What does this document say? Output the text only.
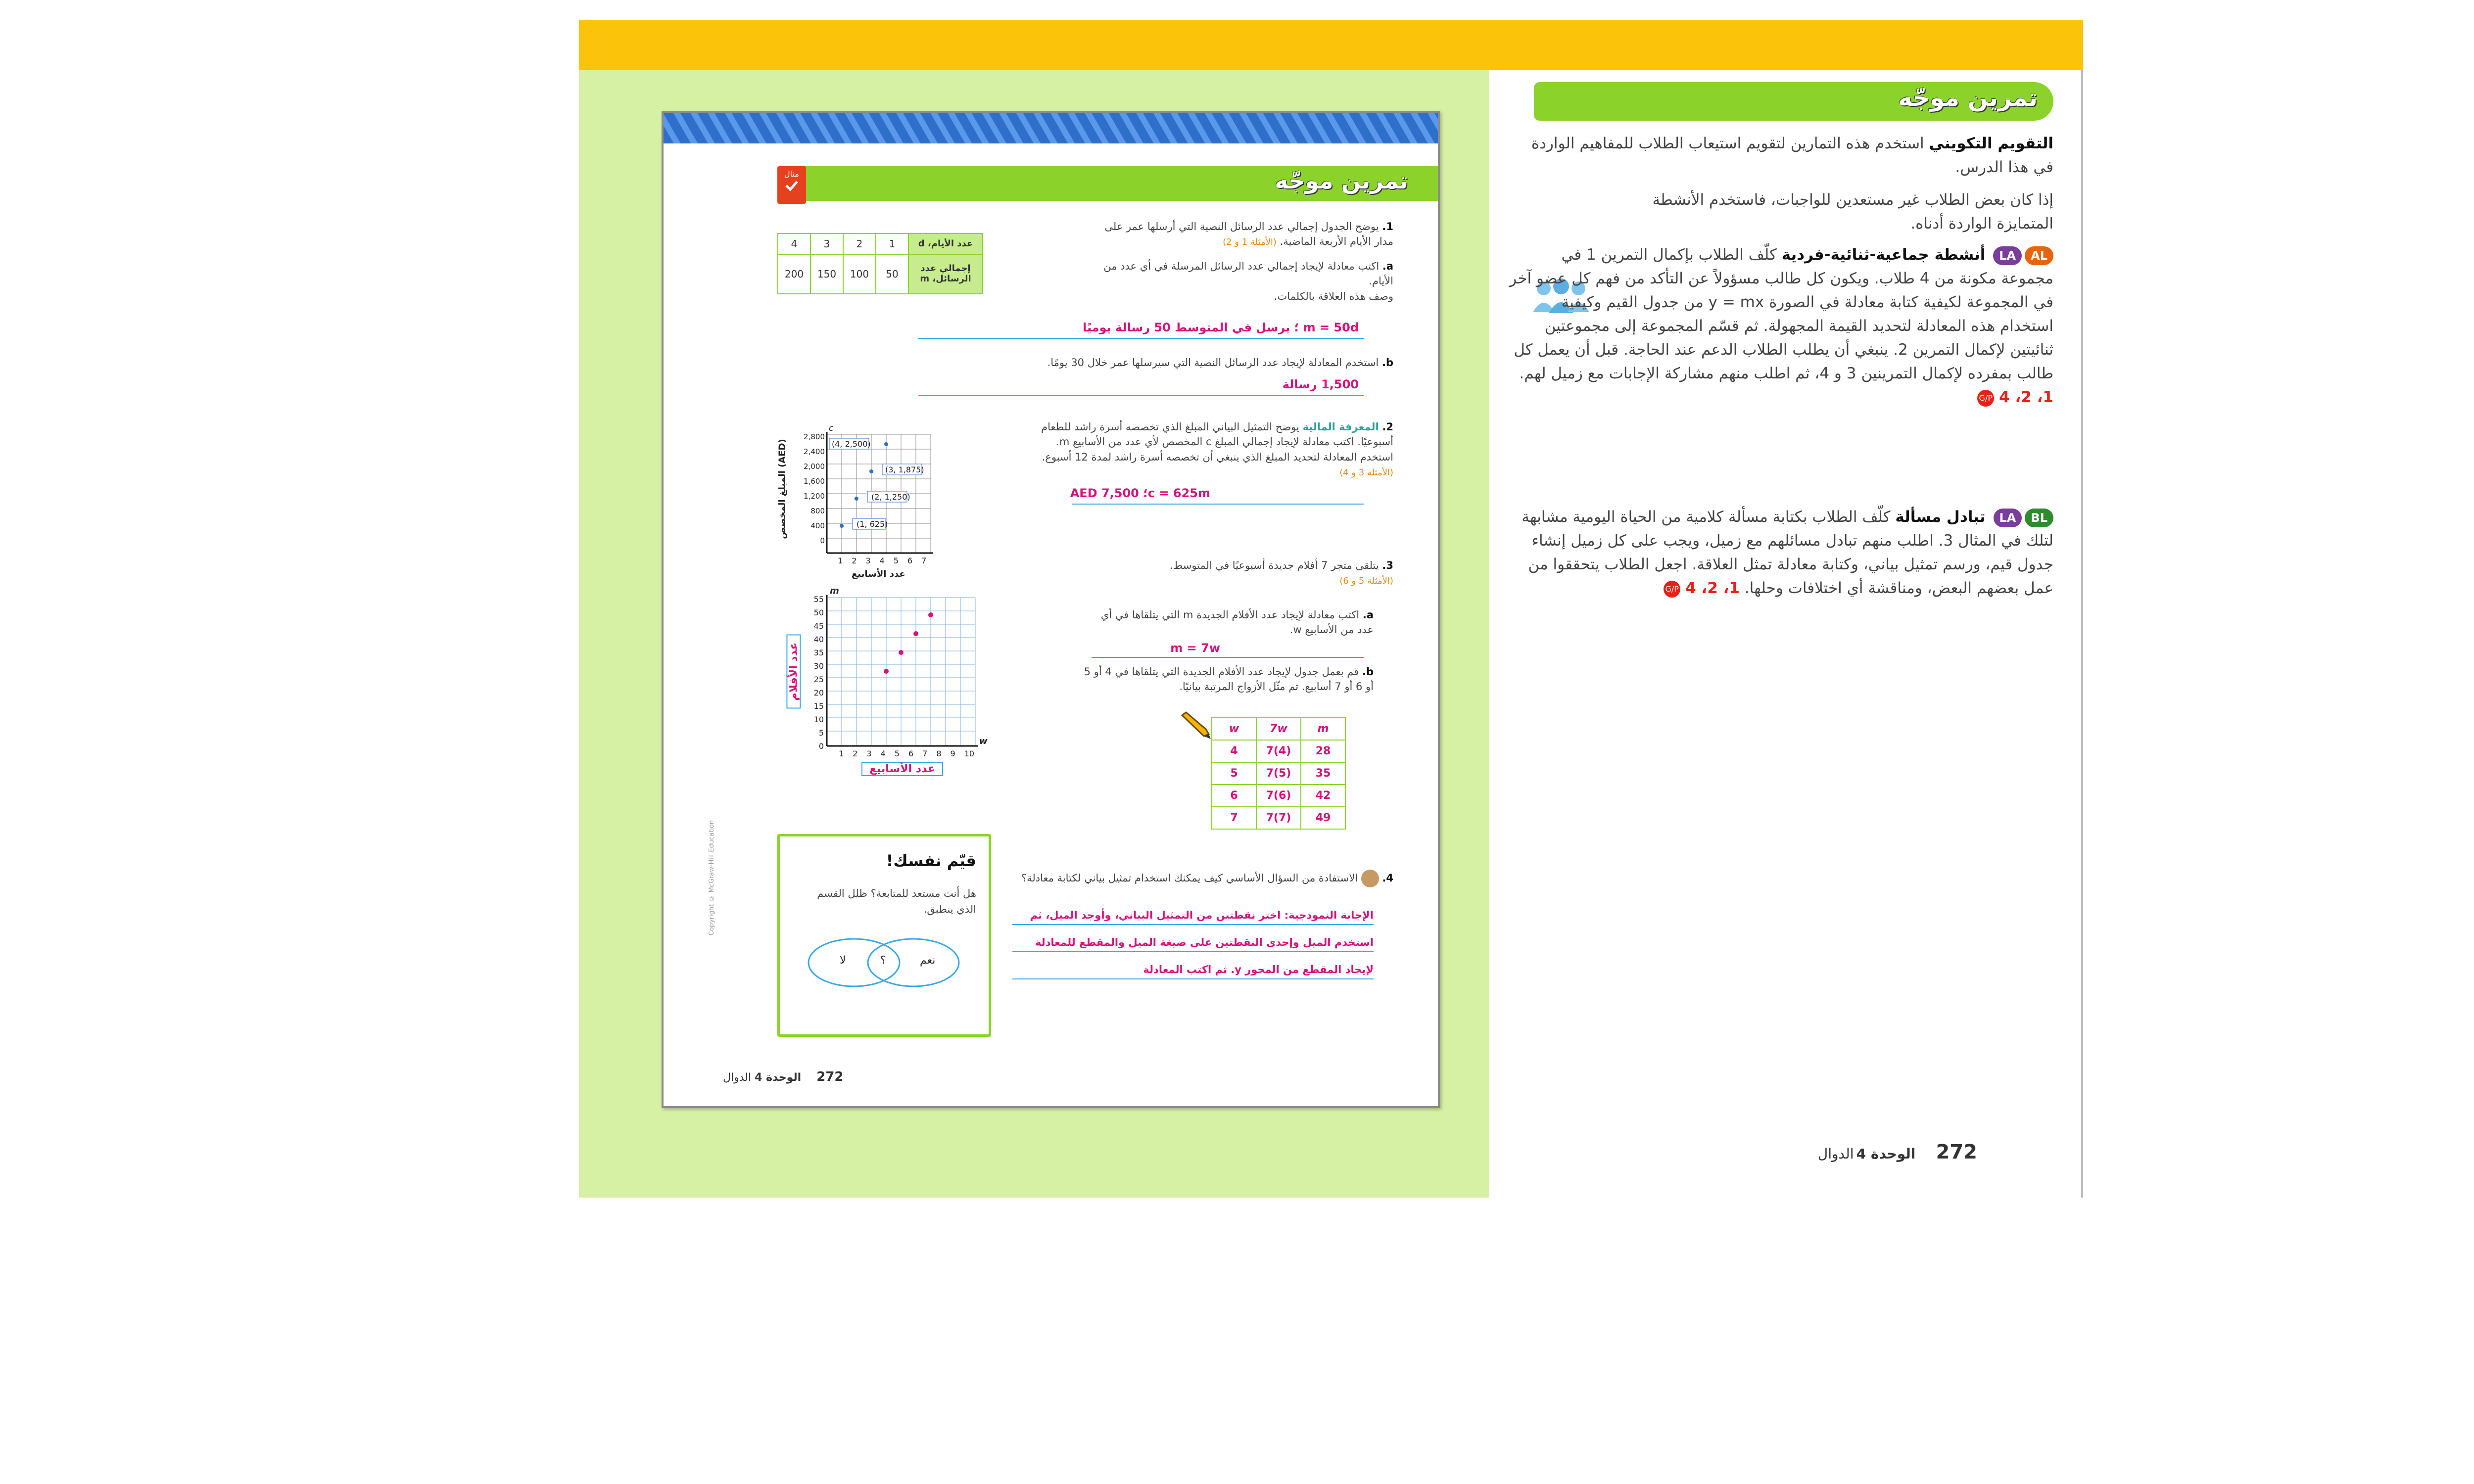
تمرين موجّه
مثال
1. يوضح الجدول إجمالي عدد الرسائل النصية التي أرسلها عمر على مدار الأيام الأربعة الماضية. (الأمثلة 1 و 2)
a. اكتب معادلة لإيجاد إجمالي عدد الرسائل المرسلة في أي عدد من الأيام.
وصف هذه العلاقة بالكلمات.
m = 50d ؛ يرسل في المتوسط 50 رسالة يوميًا
b. استخدم المعادلة لإيجاد عدد الرسائل النصية التي سيرسلها عمر خلال 30 يومًا.
1,500 رسالة
عدد الأيام، d	1	2	3	4
إجمالي عدد الرسائل، m	50	100	150	200
2. المعرفة المالية يوضح التمثيل البياني المبلغ الذي تخصصه أسرة راشد للطعام أسبوعيًا. اكتب معادلة لإيجاد إجمالي المبلغ c المخصص لأي عدد من الأسابيع m. استخدم المعادلة لتحديد المبلغ الذي ينبغي أن تخصصه أسرة راشد لمدة 12 أسبوع. (الأمثلة 3 و 4)
c = 625m؛ AED 7,500
(1, 625)
(2, 1,250)
(3, 1,875)
(4, 2,500)
c
2,800
2,400
2,000
1,600
1,200
800
400
0
1 2 3 4 5 6 7
عدد الأسابيع
المبلغ المخصص (AED)
3. يتلقى متجر 7 أفلام جديدة أسبوعيًا في المتوسط.
(الأمثلة 5 و 6)
a. اكتب معادلة لإيجاد عدد الأفلام الجديدة m التي يتلقاها في أي عدد من الأسابيع w.
m = 7w
b. قم بعمل جدول لإيجاد عدد الأفلام الجديدة التي يتلقاها في 4 أو 5 أو 6 أو 7 أسابيع. ثم مثّل الأزواج المرتبة بيانيًا.
w	7w	m
4	7(4)	28
5	7(5)	35
6	7(6)	42
7	7(7)	49
m
w
55
50
45
40
35
30
25
20
15
10
5
0
1 2 3 4 5 6 7 8 9 10
عدد الأسابيع
عدد الأفلام
4.  الاستفادة من السؤال الأساسي كيف يمكنك استخدام تمثيل بياني لكتابة معادلة؟
الإجابة النموذجية: اختر نقطتين من التمثيل البياني، وأوجد الميل، ثم
استخدم الميل وإحدى النقطتين على صيغة الميل والمقطع للمعادلة
لإيجاد المقطع من المحور y. ثم اكتب المعادلة
قيّم نفسك!
هل أنت مستعد للمتابعة؟ ظلل القسم الذي ينطبق.
نعم
؟
لا
Copyright © McGraw-Hill Education
272 الوحدة 4 الدوال
تمرين موجّه
التقويم التكويني استخدم هذه التمارين لتقويم استيعاب الطلاب للمفاهيم الواردة في هذا الدرس.
إذا كان بعض الطلاب غير مستعدين للواجبات، فاستخدم الأنشطة المتمايزة الواردة أدناه.
ALLA أنشطة جماعية-ثنائية-فردية كلّف الطلاب بإكمال التمرين 1 في مجموعة مكونة من 4 طلاب. ويكون كل طالب مسؤولاً عن التأكد من فهم كل عضو آخر في المجموعة لكيفية كتابة معادلة في الصورة y = mx من جدول القيم وكيفية استخدام هذه المعادلة لتحديد القيمة المجهولة. ثم قسّم المجموعة إلى مجموعتين ثنائيتين لإكمال التمرين 2. ينبغي أن يطلب الطلاب الدعم عند الحاجة. قبل أن يعمل كل طالب بمفرده لإكمال التمرينين 3 و 4، ثم اطلب منهم مشاركة الإجابات مع زميل لهم. 1، 2، 4 G/P
BLLA تبادل مسألة كلّف الطلاب بكتابة مسألة كلامية من الحياة اليومية مشابهة لتلك في المثال 3. اطلب منهم تبادل مسائلهم مع زميل، ويجب على كل زميل إنشاء جدول قيم، ورسم تمثيل بياني، وكتابة معادلة تمثل العلاقة. اجعل الطلاب يتحققوا من عمل بعضهم البعض، ومناقشة أي اختلافات وحلها. 1، 2، 4 G/P
272 الوحدة 4 الدوال
